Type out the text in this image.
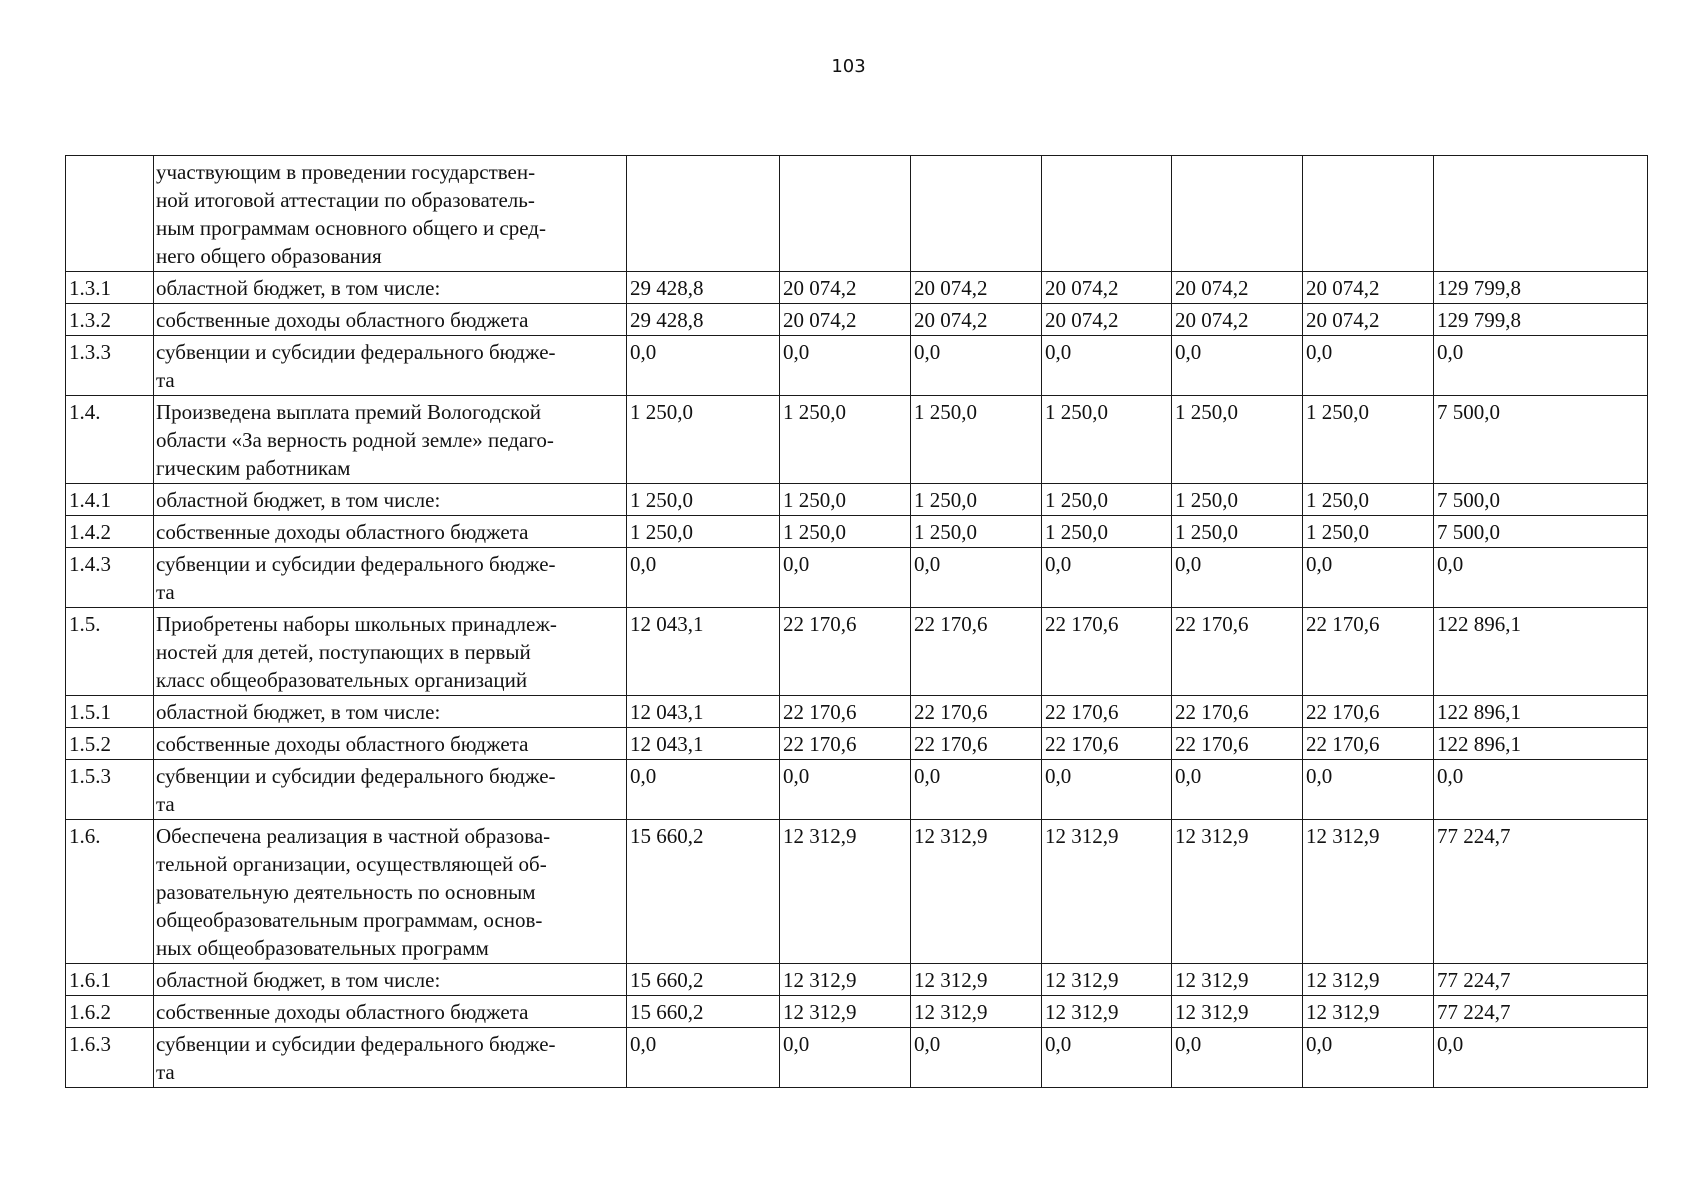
103

	участвующим в проведении государствен-
ной итоговой аттестации по образователь-
ным программам основного общего и сред-
него общего образования							

1.3.1	областной бюджет, в том числе:	29 428,8	20 074,2	20 074,2	20 074,2	20 074,2	20 074,2	129 799,8
1.3.2	собственные доходы областного бюджета	29 428,8	20 074,2	20 074,2	20 074,2	20 074,2	20 074,2	129 799,8
1.3.3	субвенции и субсидии федерального бюдже-
та	0,0	0,0	0,0	0,0	0,0	0,0	0,0
1.4.	Произведена выплата премий Вологодской
области «За верность родной земле» педаго-
гическим работникам	1 250,0	1 250,0	1 250,0	1 250,0	1 250,0	1 250,0	7 500,0
1.4.1	областной бюджет, в том числе:	1 250,0	1 250,0	1 250,0	1 250,0	1 250,0	1 250,0	7 500,0
1.4.2	собственные доходы областного бюджета	1 250,0	1 250,0	1 250,0	1 250,0	1 250,0	1 250,0	7 500,0
1.4.3	субвенции и субсидии федерального бюдже-
та	0,0	0,0	0,0	0,0	0,0	0,0	0,0
1.5.	Приобретены наборы школьных принадлеж-
ностей для детей, поступающих в первый
класс общеобразовательных организаций	12 043,1	22 170,6	22 170,6	22 170,6	22 170,6	22 170,6	122 896,1
1.5.1	областной бюджет, в том числе:	12 043,1	22 170,6	22 170,6	22 170,6	22 170,6	22 170,6	122 896,1
1.5.2	собственные доходы областного бюджета	12 043,1	22 170,6	22 170,6	22 170,6	22 170,6	22 170,6	122 896,1
1.5.3	субвенции и субсидии федерального бюдже-
та	0,0	0,0	0,0	0,0	0,0	0,0	0,0
1.6.	Обеспечена реализация в частной образова-
тельной организации, осуществляющей об-
разовательную деятельность по основным
общеобразовательным программам, основ-
ных общеобразовательных программ	15 660,2	12 312,9	12 312,9	12 312,9	12 312,9	12 312,9	77 224,7
1.6.1	областной бюджет, в том числе:	15 660,2	12 312,9	12 312,9	12 312,9	12 312,9	12 312,9	77 224,7
1.6.2	собственные доходы областного бюджета	15 660,2	12 312,9	12 312,9	12 312,9	12 312,9	12 312,9	77 224,7
1.6.3	субвенции и субсидии федерального бюдже-
та	0,0	0,0	0,0	0,0	0,0	0,0	0,0
